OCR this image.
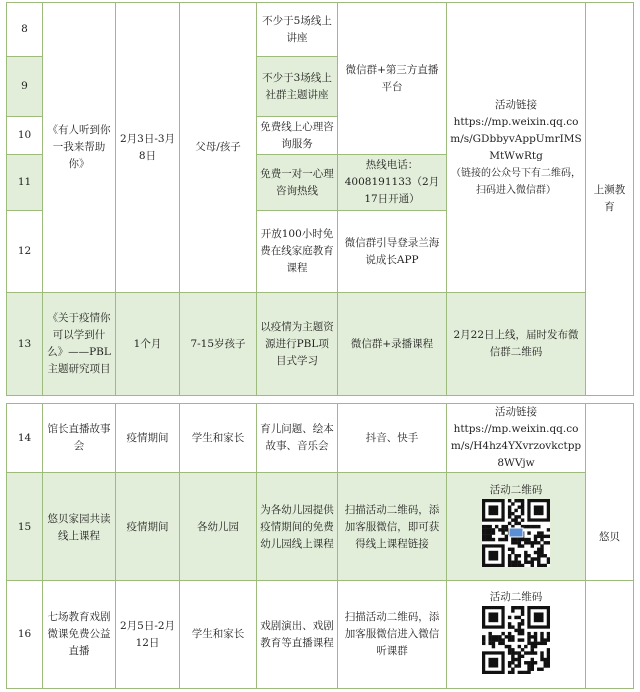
8	《有人听到你一我来帮助你》	2月3日-3月8日	父母/孩子	不少于5场线上讲座	微信群+第三方直播平台	活动链接
https://mp.weixin.qq.com/s/GDbbyvAppUmrIMSMtWwRtg
（链接的公众号下有二维码，扫码进入微信群）	上濒教育
9				不少于3场线上社群主题讲座			
10				免费线上心理咨询服务			
11				免费一对一心理咨询热线	热线电话：4008191133（2月17日开通）		
12				开放100小时免费在线家庭教育课程	微信群引导登录兰海说成长APP		
13	《关于疫情你可以学到什么》——PBL主题研究项目	1个月	7-15岁孩子	以疫情为主题资源进行PBL项目式学习	微信群+录播课程	2月22日上线，届时发布微信群二维码	
14	馆长直播故事会	疫情期间	学生和家长	育儿问题、绘本故事、音乐会	抖音、快手	活动链接
https://mp.weixin.qq.com/s/H4hz4YXvrzovkctpp8WVjw	悠贝
15	悠贝家园共读线上课程	疫情期间	各幼儿园	为各幼儿园提供疫情期间的免费幼儿园线上课程	扫描活动二维码，添加客服微信，即可获得线上课程链接	活动二维码	
16	七场教育戏剧微课免费公益直播	2月5日-2月12日	学生和家长	戏剧演出、戏剧教育等直播课程	扫描活动二维码，添加客服微信进入微信听课群	
活动二维码
